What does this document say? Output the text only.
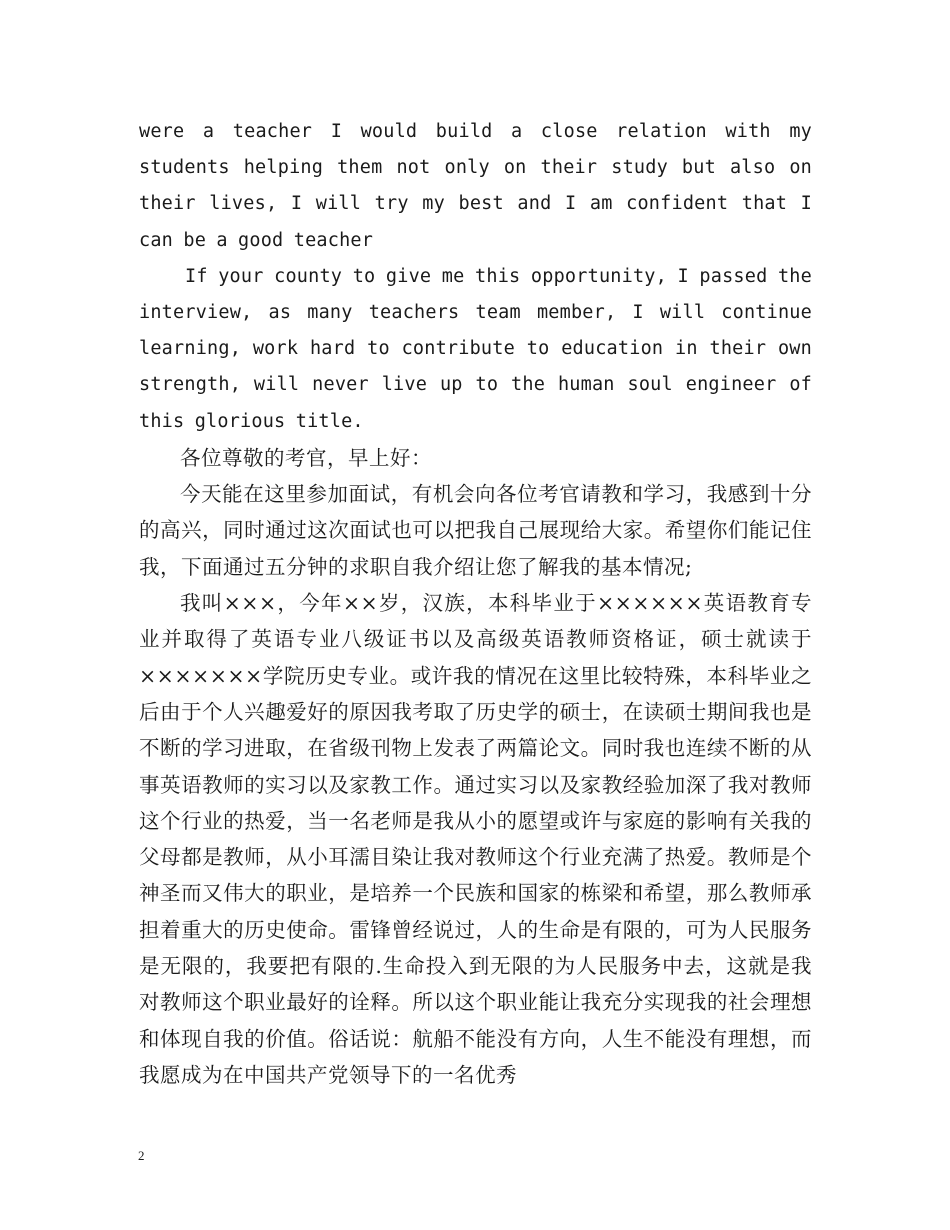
were a teacher I would build a close relation with my students helping them not only on their study but also on their lives, I will try my best and I am confident that I can be a good teacher

If your county to give me this opportunity, I passed the interview, as many teachers team member, I will continue learning, work hard to contribute to education in their own strength, will never live up to the human soul engineer of this glorious title.

各位尊敬的考官，早上好：

今天能在这里参加面试，有机会向各位考官请教和学习，我感到十分的高兴，同时通过这次面试也可以把我自己展现给大家。希望你们能记住我，下面通过五分钟的求职自我介绍让您了解我的基本情况;

我叫×××，今年××岁，汉族，本科毕业于××××××英语教育专业并取得了英语专业八级证书以及高级英语教师资格证，硕士就读于×××××××学院历史专业。或许我的情况在这里比较特殊，本科毕业之后由于个人兴趣爱好的原因我考取了历史学的硕士，在读硕士期间我也是不断的学习进取，在省级刊物上发表了两篇论文。同时我也连续不断的从事英语教师的实习以及家教工作。通过实习以及家教经验加深了我对教师这个行业的热爱，当一名老师是我从小的愿望或许与家庭的影响有关我的父母都是教师，从小耳濡目染让我对教师这个行业充满了热爱。教师是个神圣而又伟大的职业，是培养一个民族和国家的栋梁和希望，那么教师承担着重大的历史使命。雷锋曾经说过，人的生命是有限的，可为人民服务是无限的，我要把有限的.生命投入到无限的为人民服务中去，这就是我对教师这个职业最好的诠释。所以这个职业能让我充分实现我的社会理想和体现自我的价值。俗话说：航船不能没有方向，人生不能没有理想，而我愿成为在中国共产党领导下的一名优秀

2
